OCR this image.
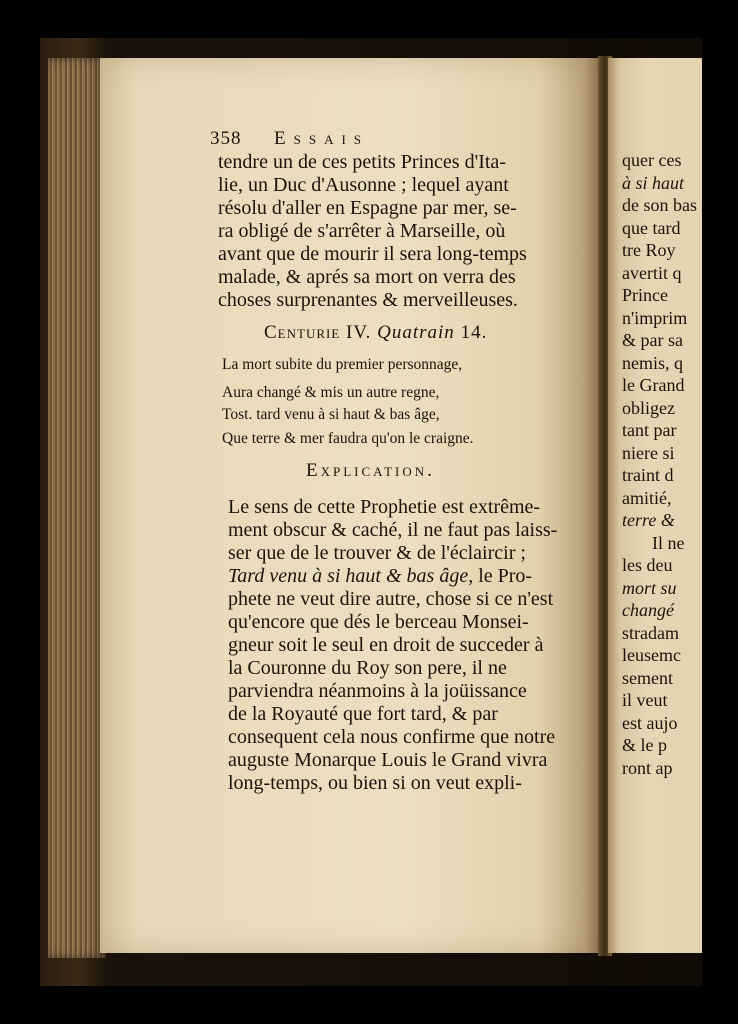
quer ces
à si haut
de son bas
que tard
tre Roy
avertit q
Prince
n'imprim
& par sa
nemis, q
le Grand
obligez
tant par
niere si
traint d
amitié,
terre &
Il ne
les deu
mort su
changé
stradam
leusemc
sement
il veut
est aujo
& le p
ront ap
358 Essais
tendre un de ces petits Princes d'Ita-
lie, un Duc d'Ausonne ; lequel ayant
résolu d'aller en Espagne par mer, se-
ra obligé de s'arrêter à Marseille, où
avant que de mourir il sera long-temps
malade, & aprés sa mort on verra des
choses surprenantes & merveilleuses.
Centurie IV. Quatrain 14.
La mort subite du premier personnage,
Aura changé & mis un autre regne,
Tost. tard venu à si haut & bas âge,
Que terre & mer faudra qu'on le craigne.
Explication.
Le sens de cette Prophetie est extrême-
ment obscur & caché, il ne faut pas laiss-
ser que de le trouver & de l'éclaircir ;
Tard venu à si haut & bas âge, le Pro-
phete ne veut dire autre, chose si ce n'est
qu'encore que dés le berceau Monsei-
gneur soit le seul en droit de succeder à
la Couronne du Roy son pere, il ne
parviendra néanmoins à la joüissance
de la Royauté que fort tard, & par
consequent cela nous confirme que notre
auguste Monarque Louis le Grand vivra
long-temps, ou bien si on veut expli-
